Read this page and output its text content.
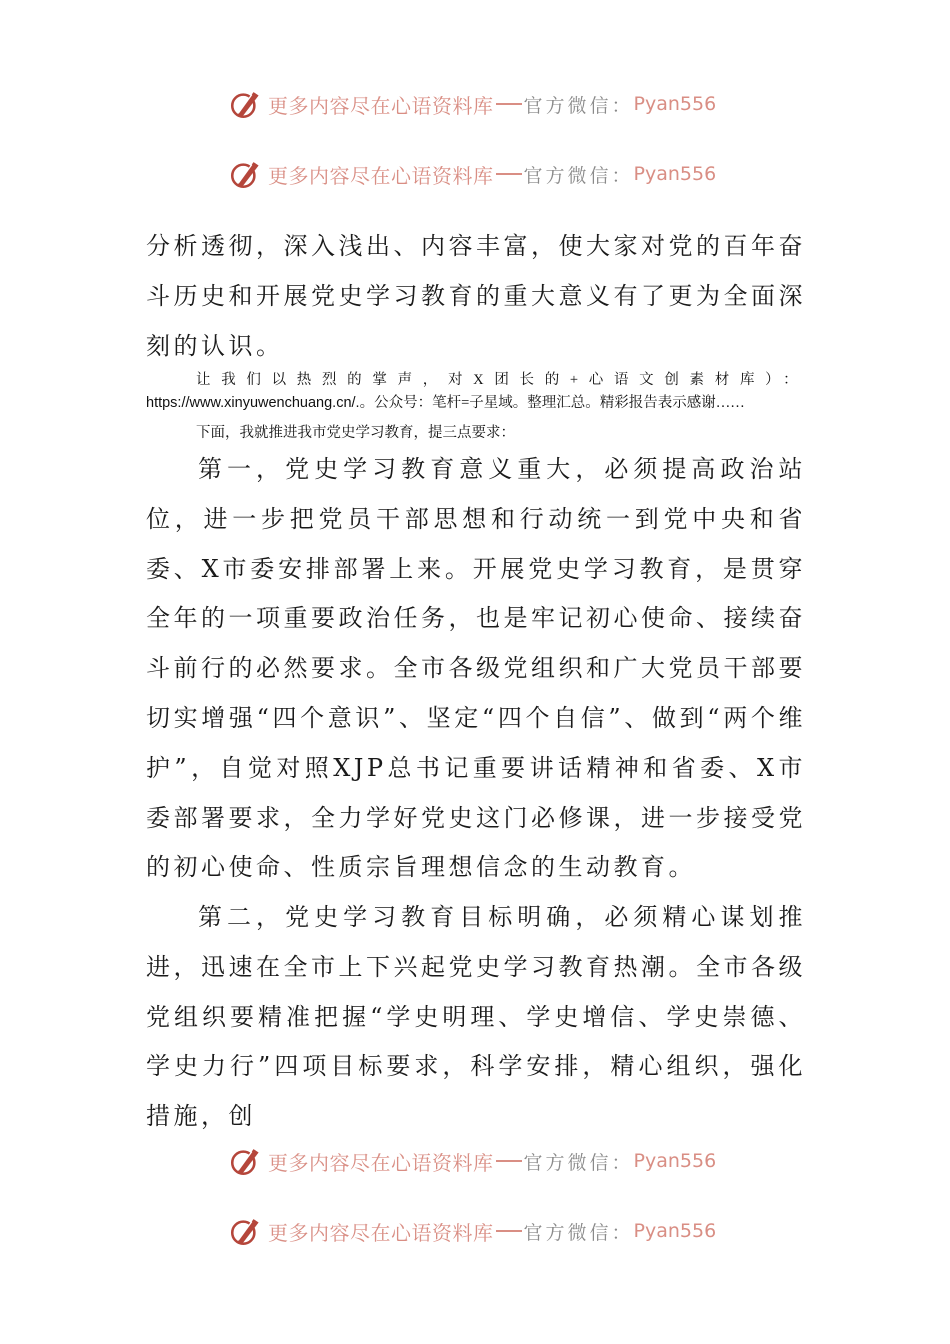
更多内容尽在心语资料库 官方微信： Pyan556
更多内容尽在心语资料库 官方微信： Pyan556

分析透彻，深入浅出、内容丰富，使大家对党的百年奋斗历史和开展党史学习教育的重大意义有了更为全面深刻的认识。

让我们以热烈的掌声，对X团长的+心语文创素材库）：https://www.xinyuwenchuang.cn/.。公众号：笔杆=子星域。整理汇总。精彩报告表示感谢……

下面，我就推进我市党史学习教育，提三点要求：

第一，党史学习教育意义重大，必须提高政治站位，进一步把党员干部思想和行动统一到党中央和省委、X市委安排部署上来。开展党史学习教育，是贯穿全年的一项重要政治任务，也是牢记初心使命、接续奋斗前行的必然要求。全市各级党组织和广大党员干部要切实增强“四个意识”、坚定“四个自信”、做到“两个维护”，自觉对照XJP总书记重要讲话精神和省委、X市委部署要求，全力学好党史这门必修课，进一步接受党的初心使命、性质宗旨理想信念的生动教育。

第二，党史学习教育目标明确，必须精心谋划推进，迅速在全市上下兴起党史学习教育热潮。全市各级党组织要精准把握“学史明理、学史增信、学史崇德、学史力行”四项目标要求，科学安排，精心组织，强化措施，创

更多内容尽在心语资料库 官方微信： Pyan556
更多内容尽在心语资料库 官方微信： Pyan556
